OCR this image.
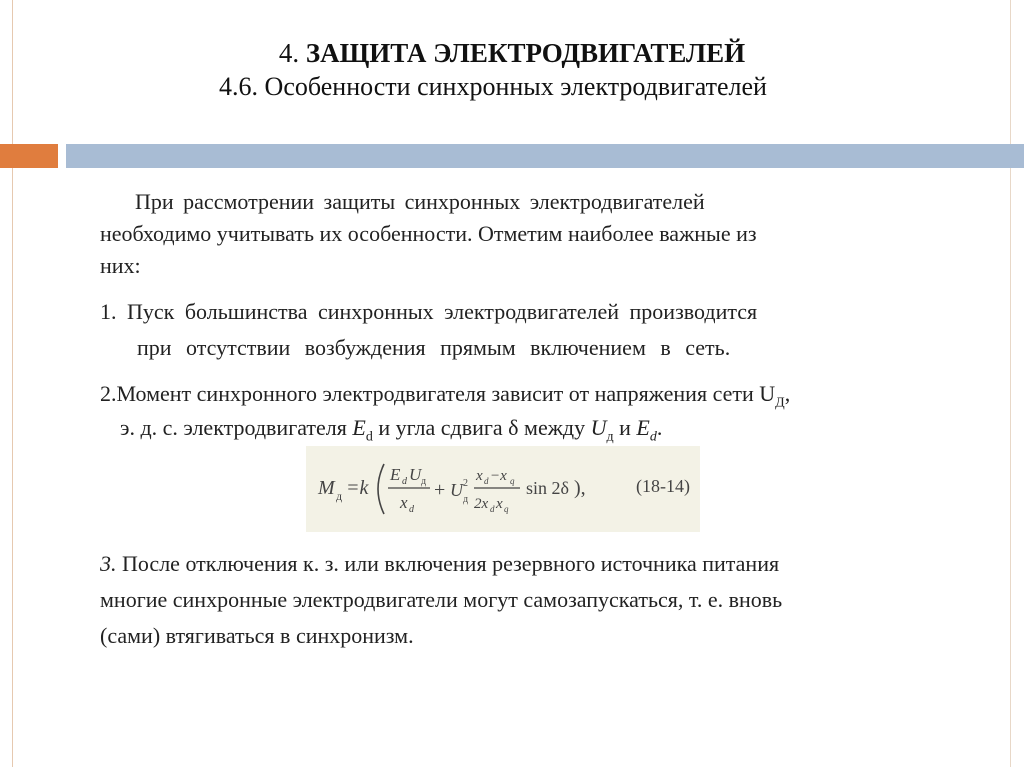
4. ЗАЩИТА ЭЛЕКТРОДВИГАТЕЛЕЙ
4.6. Особенности синхронных электродвигателей

При рассмотрении защиты синхронных электродвигателей

необходимо учитывать их особенности. Отметим наиболее важные из

них:

1. Пуск большинства синхронных электродвигателей производится

при отсутствии возбуждения прямым включением в сеть.

2.Момент синхронного электродвигателя зависит от напряжения сети $U_Д$,

э. д. с. электродвигателя $E_d$ и угла сдвига δ между $U_д$ и $E_d$.

M д =k
E d U д
x d
+ U 2
д
x d −x q
2x d x q
sin 2δ ),	(18-14)

3. После отключения к. з. или включения резервного источника питания

многие синхронные электродвигатели могут самозапускаться, т. е. вновь

(сами) втягиваться в синхронизм.
